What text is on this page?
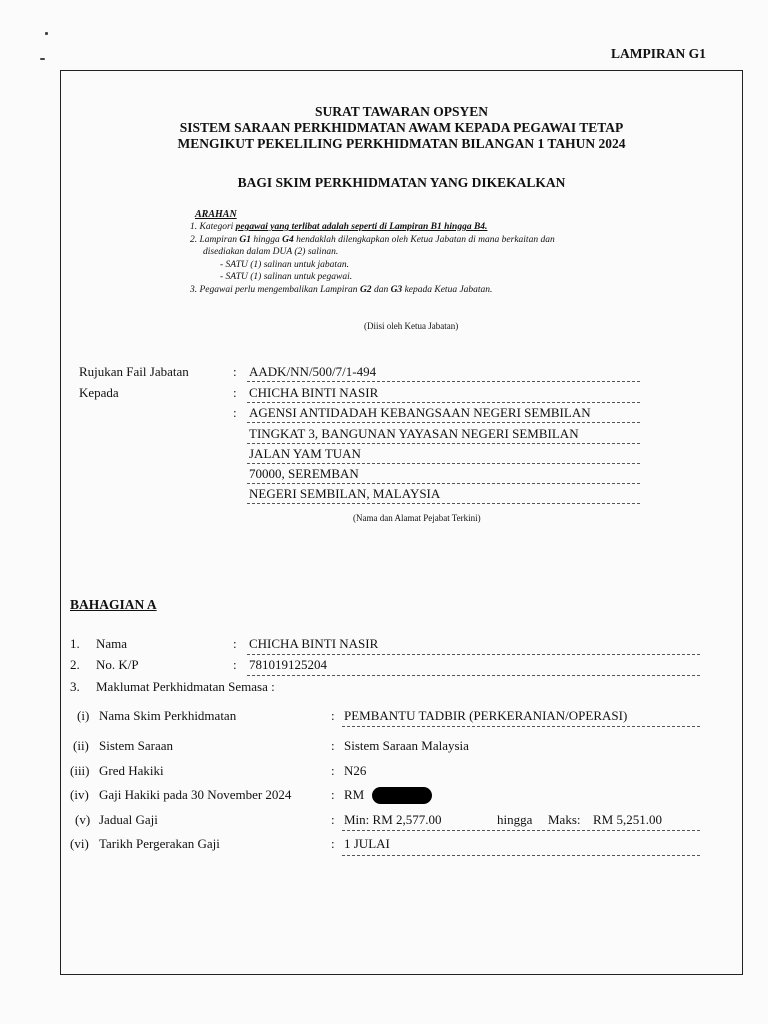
LAMPIRAN G1
SURAT TAWARAN OPSYEN
SISTEM SARAAN PERKHIDMATAN AWAM KEPADA PEGAWAI TETAP
MENGIKUT PEKELILING PERKHIDMATAN BILANGAN 1 TAHUN 2024
BAGI SKIM PERKHIDMATAN YANG DIKEKALKAN
ARAHAN
1. Kategori pegawai yang terlibat adalah seperti di Lampiran B1 hingga B4.
2. Lampiran G1 hingga G4 hendaklah dilengkapkan oleh Ketua Jabatan di mana berkaitan dan
disediakan dalam DUA (2) salinan.
- SATU (1) salinan untuk jabatan.
- SATU (1) salinan untuk pegawai.
3. Pegawai perlu mengembalikan Lampiran G2 dan G3 kepada Ketua Jabatan.
(Diisi oleh Ketua Jabatan)
Rujukan Fail Jabatan	: AADK/NN/500/7/1-494
Kepada	: CHICHA BINTI NASIR
: AGENSI ANTIDADAH KEBANGSAAN NEGERI SEMBILAN
TINGKAT 3, BANGUNAN YAYASAN NEGERI SEMBILAN
JALAN YAM TUAN
70000, SEREMBAN
NEGERI SEMBILAN, MALAYSIA
(Nama dan Alamat Pejabat Terkini)
BAHAGIAN A
1. Nama	: CHICHA BINTI NASIR
2. No. K/P	: 781019125204
3. Maklumat Perkhidmatan Semasa :
(i) Nama Skim Perkhidmatan	: PEMBANTU TADBIR (PERKERANIAN/OPERASI)
(ii) Sistem Saraan	: Sistem Saraan Malaysia
(iii) Gred Hakiki	: N26
(iv) Gaji Hakiki pada 30 November 2024	: RM
(v) Jadual Gaji	: Min: RM 2,577.00	hingga Maks: RM 5,251.00
(vi) Tarikh Pergerakan Gaji	: 1 JULAI
